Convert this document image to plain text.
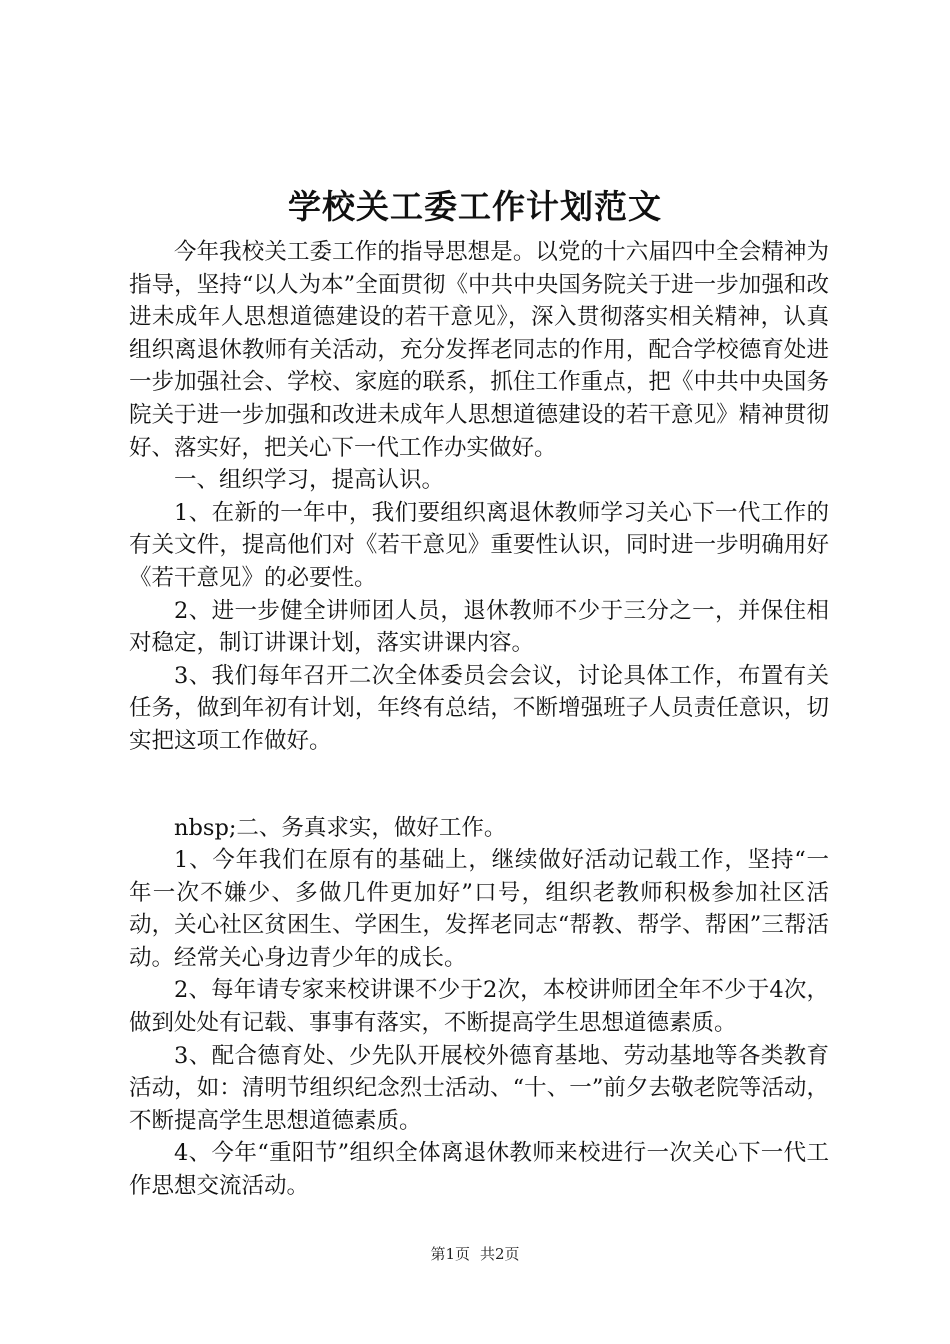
学校关工委工作计划范文

今年我校关工委工作的指导思想是。以党的十六届四中全会精神为指导，坚持“以人为本”全面贯彻《中共中央国务院关于进一步加强和改进未成年人思想道德建设的若干意见》，深入贯彻落实相关精神，认真组织离退休教师有关活动，充分发挥老同志的作用，配合学校德育处进一步加强社会、学校、家庭的联系，抓住工作重点，把《中共中央国务院关于进一步加强和改进未成年人思想道德建设的若干意见》精神贯彻好、落实好，把关心下一代工作办实做好。

一、组织学习，提高认识。

1、在新的一年中，我们要组织离退休教师学习关心下一代工作的有关文件，提高他们对《若干意见》重要性认识，同时进一步明确用好《若干意见》的必要性。

2、进一步健全讲师团人员，退休教师不少于三分之一，并保住相对稳定，制订讲课计划，落实讲课内容。

3、我们每年召开二次全体委员会会议，讨论具体工作，布置有关任务，做到年初有计划，年终有总结，不断增强班子人员责任意识，切实把这项工作做好。

nbsp;二、务真求实，做好工作。

1、今年我们在原有的基础上，继续做好活动记载工作，坚持“一年一次不嫌少、多做几件更加好”口号，组织老教师积极参加社区活动，关心社区贫困生、学困生，发挥老同志“帮教、帮学、帮困”三帮活动。经常关心身边青少年的成长。

2、每年请专家来校讲课不少于2次，本校讲师团全年不少于4次，做到处处有记载、事事有落实，不断提高学生思想道德素质。

3、配合德育处、少先队开展校外德育基地、劳动基地等各类教育活动，如：清明节组织纪念烈士活动、“十、一”前夕去敬老院等活动，不断提高学生思想道德素质。

4、今年“重阳节”组织全体离退休教师来校进行一次关心下一代工作思想交流活动。

第1页 共2页
